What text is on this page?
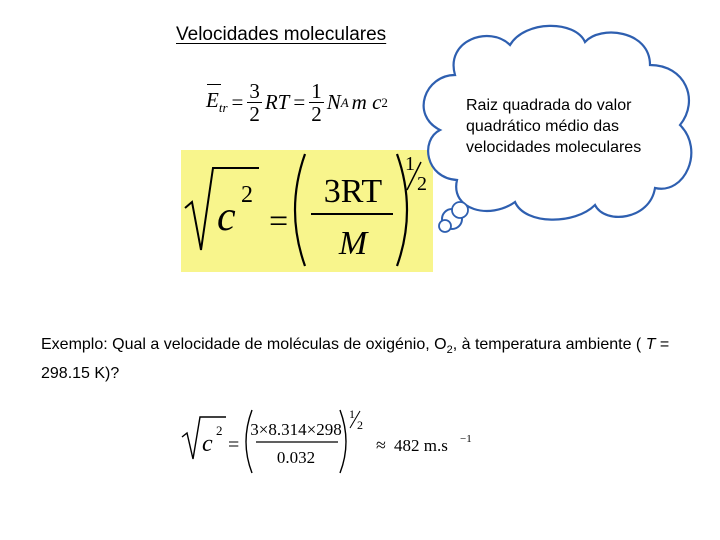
Velocidades moleculares
$E_{tr} = \frac{3}{2}$ RT = $\frac{1}{2}$ N A m c 2
c 2
=
3RT
M
1
2
Raiz quadrada do valor quadrático médio das velocidades moleculares
Exemplo: Qual a velocidade de moléculas de oxigénio, $O_2$, à temperatura ambiente ( T = 298.15 K)?
c
2
=
3×8.314×298
0.032
1
2
≈ 482 m.s −1
